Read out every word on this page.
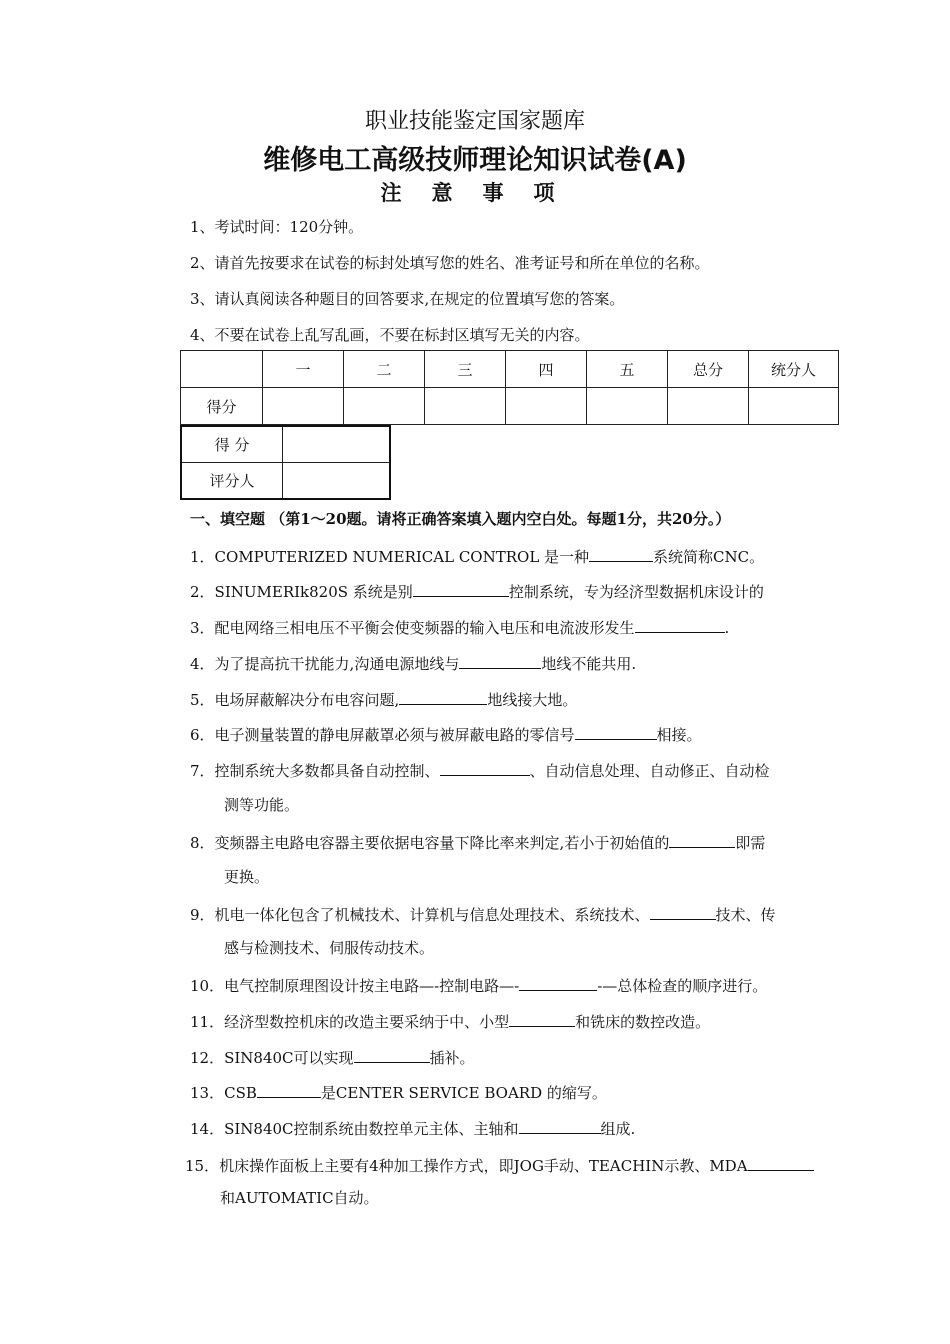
职业技能鉴定国家题库
维修电工高级技师理论知识试卷(A)
注意事项
1、考试时间：120分钟。
2、请首先按要求在试卷的标封处填写您的姓名、准考证号和所在单位的名称。
3、请认真阅读各种题目的回答要求,在规定的位置填写您的答案。
4、不要在试卷上乱写乱画，不要在标封区填写无关的内容。
	一	二	三	四	五	总分	统分人
得分							
得 分	
评分人	
一、填空题 （第1～20题。请将正确答案填入题内空白处。每题1分，共20分。）
1．COMPUTERIZED NUMERICAL CONTROL 是一种	系统简称CNC。
2．SINUMERIk820S 系统是别	控制系统，专为经济型数据机床设计的
3．配电网络三相电压不平衡会使变频器的输入电压和电流波形发生	.
4．为了提高抗干扰能力,沟通电源地线与	地线不能共用.
5．电场屏蔽解决分布电容问题,	地线接大地。
6．电子测量装置的静电屏蔽罩必须与被屏蔽电路的零信号	相接。
7．控制系统大多数都具备自动控制、	、自动信息处理、自动修正、自动检
测等功能。
8．变频器主电路电容器主要依据电容量下降比率来判定,若小于初始值的	即需
更换。
9．机电一体化包含了机械技术、计算机与信息处理技术、系统技术、	技术、传
感与检测技术、伺服传动技术。
10．电气控制原理图设计按主电路—-控制电路—-	-—总体检查的顺序进行。
11．经济型数控机床的改造主要采纳于中、小型	和铣床的数控改造。
12．SIN840C可以实现	插补。
13．CSB	是CENTER SERVICE BOARD 的缩写。
14．SIN840C控制系统由数控单元主体、主轴和	组成.
15．机床操作面板上主要有4种加工操作方式，即JOG手动、TEACHIN示教、MDA
和AUTOMATIC自动。
